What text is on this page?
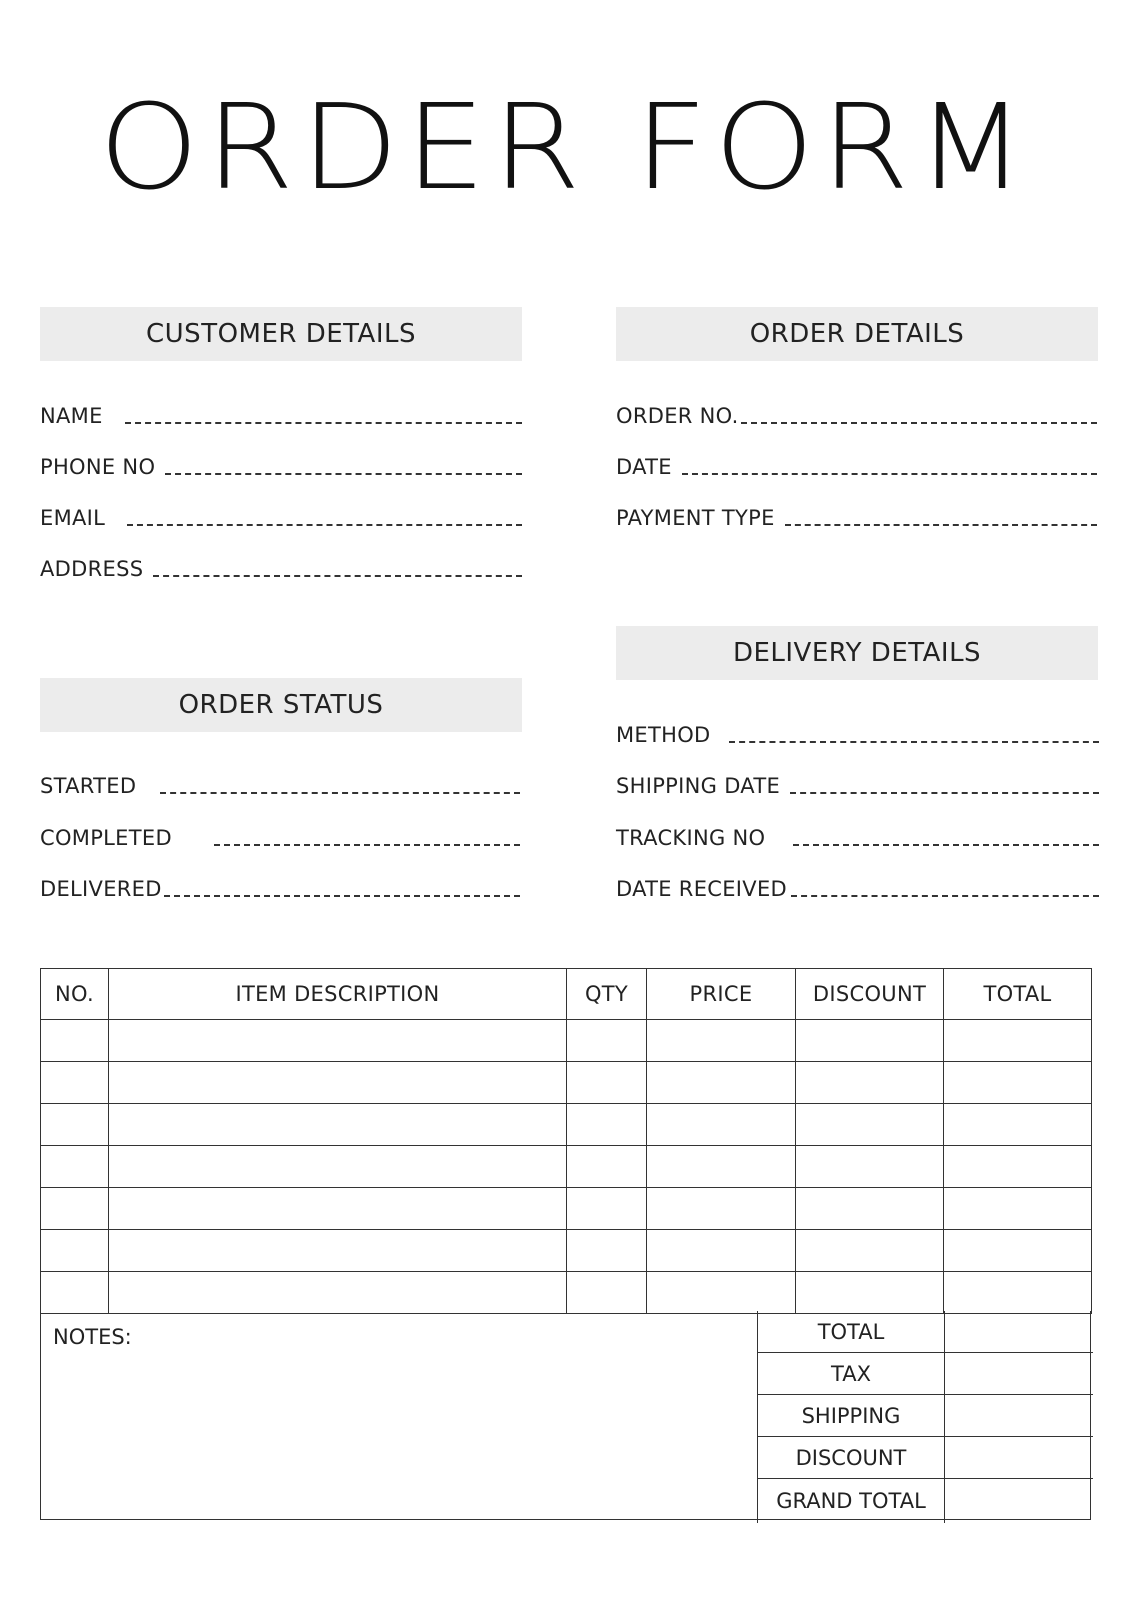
ORDER FORM
CUSTOMER DETAILS
NAME
PHONE NO
EMAIL
ADDRESS
ORDER DETAILS
ORDER NO.
DATE
PAYMENT TYPE
DELIVERY DETAILS
METHOD
SHIPPING DATE
TRACKING NO
DATE RECEIVED
ORDER STATUS
STARTED
COMPLETED
DELIVERED
NO.	ITEM DESCRIPTION	QTY	PRICE	DISCOUNT	TOTAL

NOTES:	TOTAL	
TAX	
SHIPPING	
DISCOUNT	
GRAND TOTAL	
